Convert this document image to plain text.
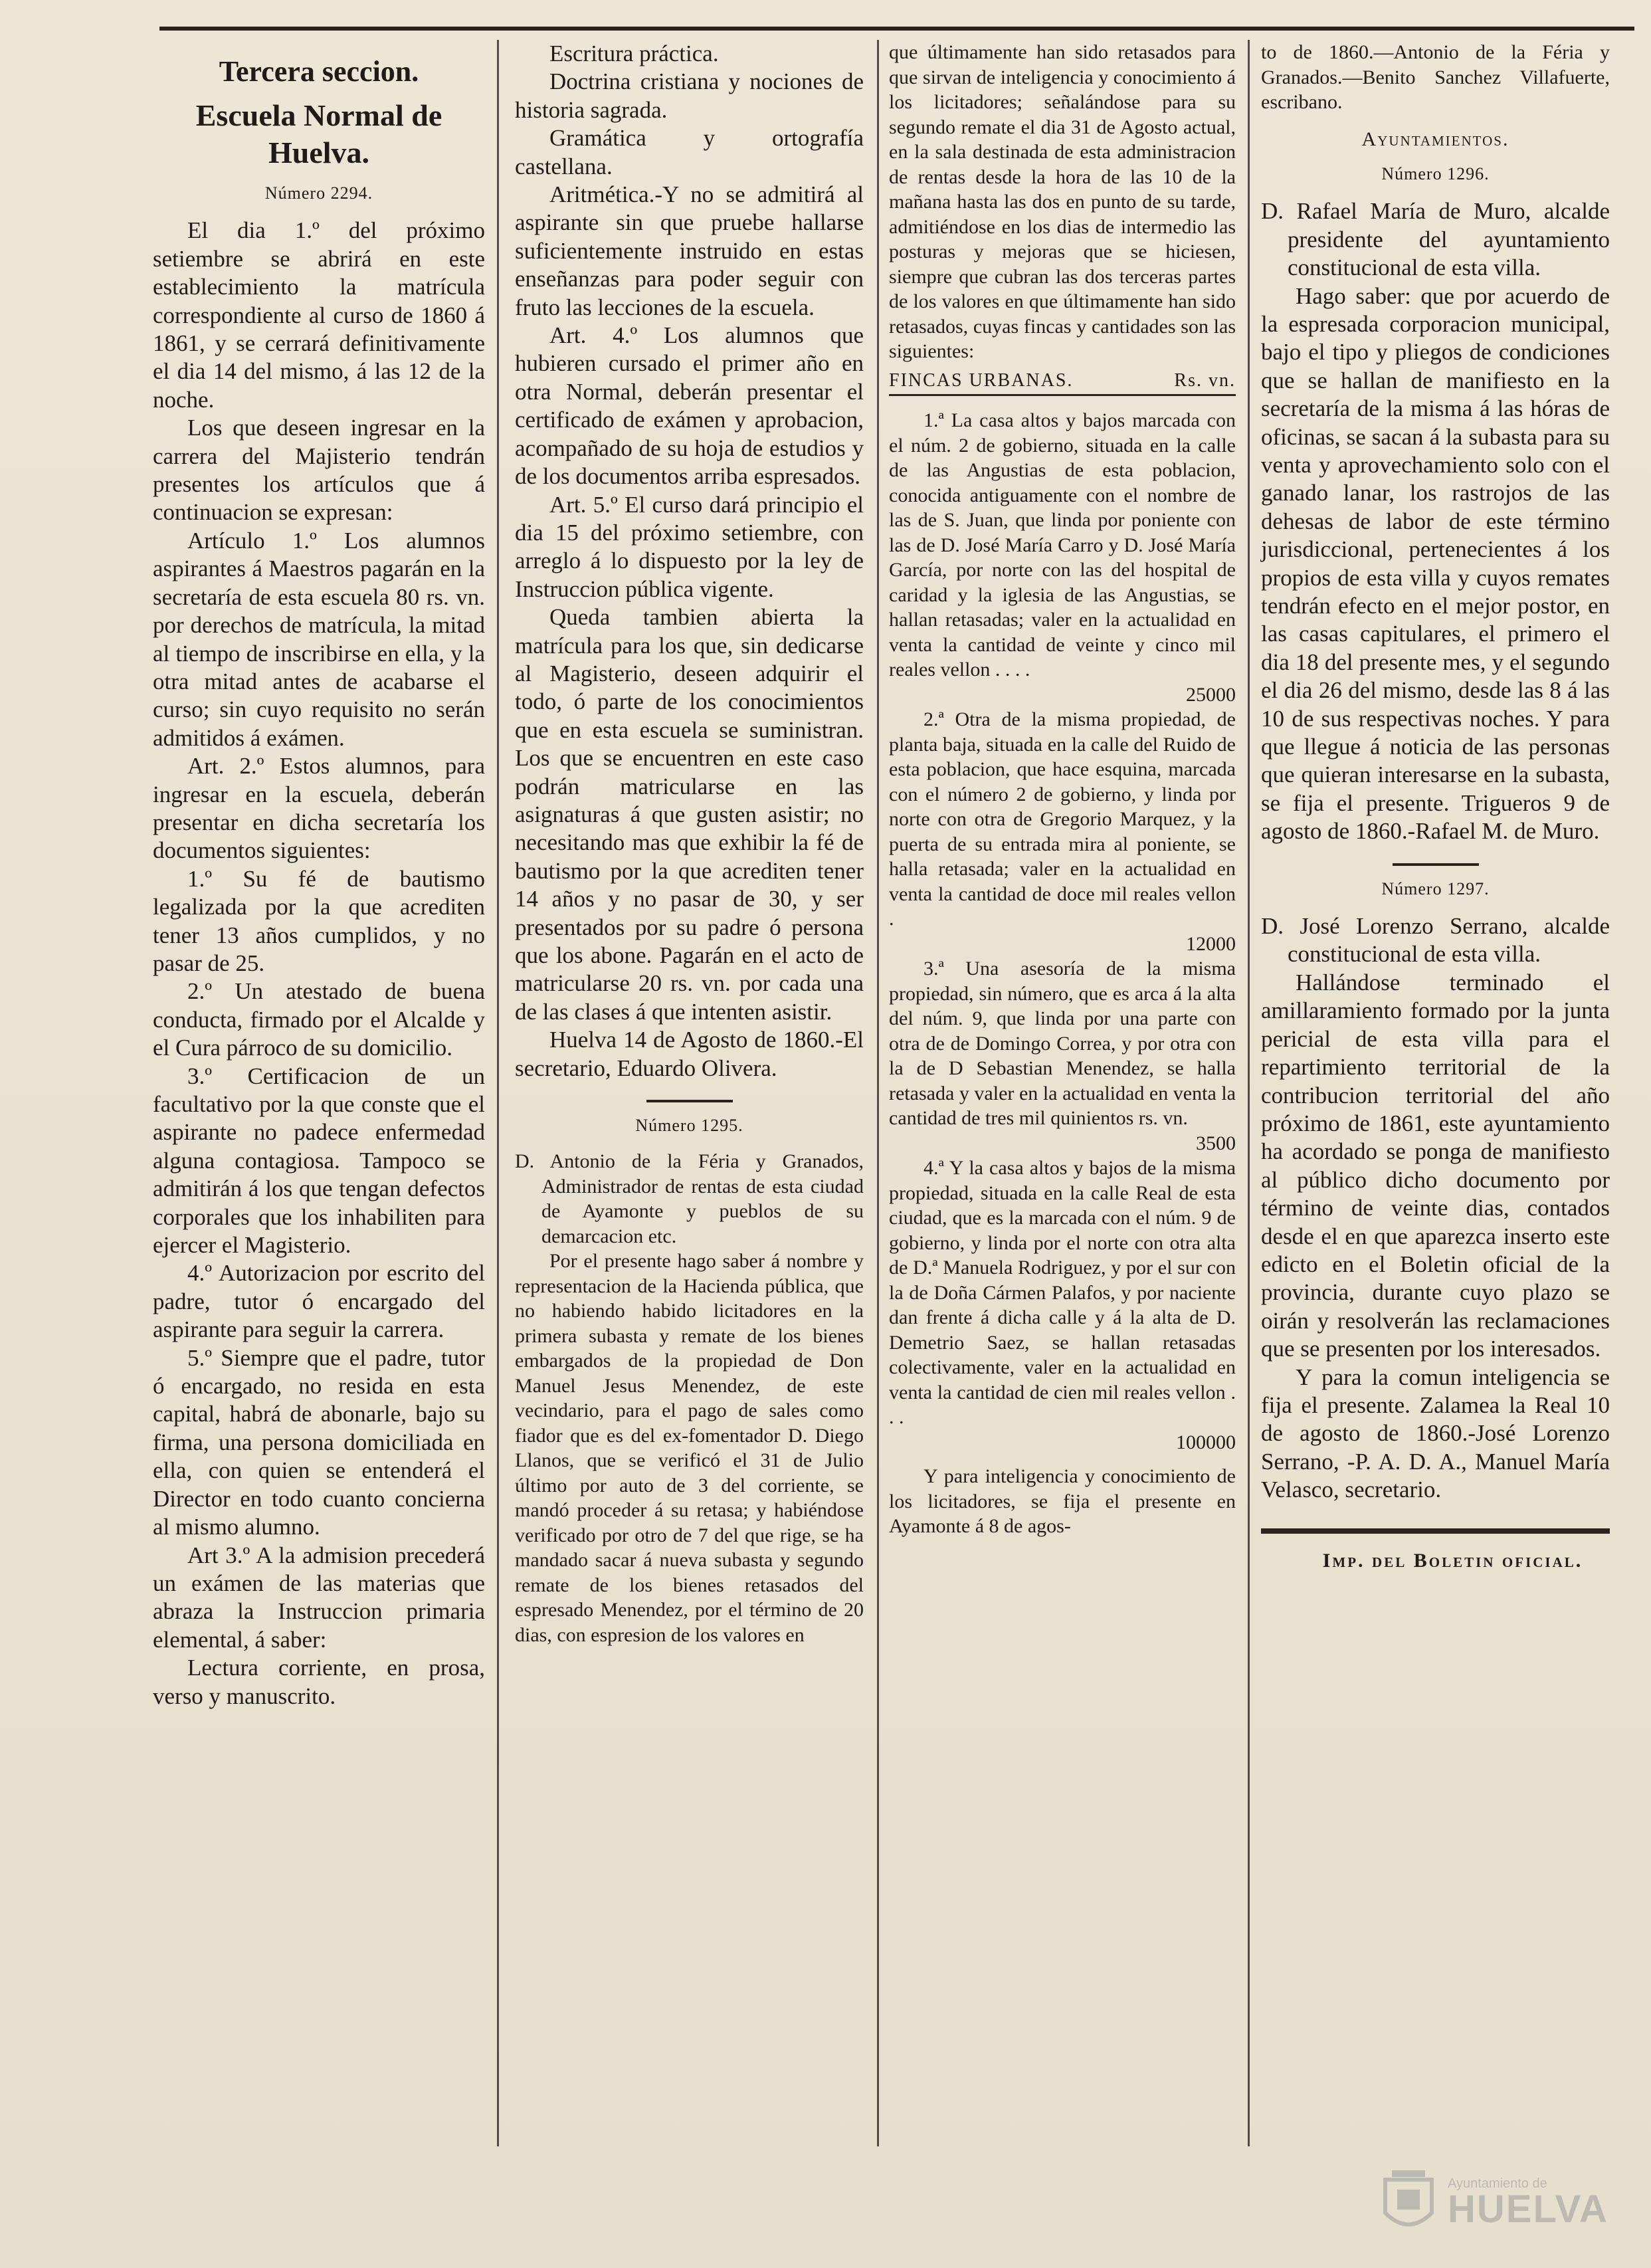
Tercera seccion.
Escuela Normal de Huelva.
Número 2294.

El dia 1.º del próximo setiembre se abrirá en este establecimiento la matrícula correspondiente al curso de 1860 á 1861, y se cerrará definitivamente el dia 14 del mismo, á las 12 de la noche.

Los que deseen ingresar en la carrera del Majisterio tendrán presentes los artículos que á continuacion se expresan:

Artículo 1.º Los alumnos aspirantes á Maestros pagarán en la secretaría de esta escuela 80 rs. vn. por derechos de matrícula, la mitad al tiempo de inscribirse en ella, y la otra mitad antes de acabarse el curso; sin cuyo requisito no serán admitidos á exámen.

Art. 2.º Estos alumnos, para ingresar en la escuela, deberán presentar en dicha secretaría los documentos siguientes:

1.º Su fé de bautismo legalizada por la que acrediten tener 13 años cumplidos, y no pasar de 25.

2.º Un atestado de buena conducta, firmado por el Alcalde y el Cura párroco de su domicilio.

3.º Certificacion de un facultativo por la que conste que el aspirante no padece enfermedad alguna contagiosa. Tampoco se admitirán á los que tengan defectos corporales que los inhabiliten para ejercer el Magisterio.

4.º Autorizacion por escrito del padre, tutor ó encargado del aspirante para seguir la carrera.

5.º Siempre que el padre, tutor ó encargado, no resida en esta capital, habrá de abonarle, bajo su firma, una persona domiciliada en ella, con quien se entenderá el Director en todo cuanto concierna al mismo alumno.

Art 3.º A la admision precederá un exámen de las materias que abraza la Instruccion primaria elemental, á saber:

Lectura corriente, en prosa, verso y manuscrito.

Escritura práctica.

Doctrina cristiana y nociones de historia sagrada.

Gramática y ortografía castellana.

Aritmética.-Y no se admitirá al aspirante sin que pruebe hallarse suficientemente instruido en estas enseñanzas para poder seguir con fruto las lecciones de la escuela.

Art. 4.º Los alumnos que hubieren cursado el primer año en otra Normal, deberán presentar el certificado de exámen y aprobacion, acompañado de su hoja de estudios y de los documentos arriba espresados.

Art. 5.º El curso dará principio el dia 15 del próximo setiembre, con arreglo á lo dispuesto por la ley de Instruccion pública vigente.

Queda tambien abierta la matrícula para los que, sin dedicarse al Magisterio, deseen adquirir el todo, ó parte de los conocimientos que en esta escuela se suministran. Los que se encuentren en este caso podrán matricularse en las asignaturas á que gusten asistir; no necesitando mas que exhibir la fé de bautismo por la que acrediten tener 14 años y no pasar de 30, y ser presentados por su padre ó persona que los abone. Pagarán en el acto de matricularse 20 rs. vn. por cada una de las clases á que intenten asistir.

Huelva 14 de Agosto de 1860.-El secretario, Eduardo Olivera.

Número 1295.

D. Antonio de la Féria y Granados, Administrador de rentas de esta ciudad de Ayamonte y pueblos de su demarcacion etc.

Por el presente hago saber á nombre y representacion de la Hacienda pública, que no habiendo habido licitadores en la primera subasta y remate de los bienes embargados de la propiedad de Don Manuel Jesus Menendez, de este vecindario, para el pago de sales como fiador que es del ex-fomentador D. Diego Llanos, que se verificó el 31 de Julio último por auto de 3 del corriente, se mandó proceder á su retasa; y habiéndose verificado por otro de 7 del que rige, se ha mandado sacar á nueva subasta y segundo remate de los bienes retasados del espresado Menendez, por el término de 20 dias, con espresion de los valores en

que últimamente han sido retasados para que sirvan de inteligencia y conocimiento á los licitadores; señalándose para su segundo remate el dia 31 de Agosto actual, en la sala destinada de esta administracion de rentas desde la hora de las 10 de la mañana hasta las dos en punto de su tarde, admitiéndose en los dias de intermedio las posturas y mejoras que se hiciesen, siempre que cubran las dos terceras partes de los valores en que últimamente han sido retasados, cuyas fincas y cantidades son las siguientes:

FINCAS URBANAS.	Rs. vn.

1.ª La casa altos y bajos marcada con el núm. 2 de gobierno, situada en la calle de las Angustias de esta poblacion, conocida antiguamente con el nombre de las de S. Juan, que linda por poniente con las de D. José María Carro y D. José María García, por norte con las del hospital de caridad y la iglesia de las Angustias, se hallan retasadas; valer en la actualidad en venta la cantidad de veinte y cinco mil reales vellon . . . .

25000

2.ª Otra de la misma propiedad, de planta baja, situada en la calle del Ruido de esta poblacion, que hace esquina, marcada con el número 2 de gobierno, y linda por norte con otra de Gregorio Marquez, y la puerta de su entrada mira al poniente, se halla retasada; valer en la actualidad en venta la cantidad de doce mil reales vellon .

12000

3.ª Una asesoría de la misma propiedad, sin número, que es arca á la alta del núm. 9, que linda por una parte con otra de de Domingo Correa, y por otra con la de D Sebastian Menendez, se halla retasada y valer en la actualidad en venta la cantidad de tres mil quinientos rs. vn.

3500

4.ª Y la casa altos y bajos de la misma propiedad, situada en la calle Real de esta ciudad, que es la marcada con el núm. 9 de gobierno, y linda por el norte con otra alta de D.ª Manuela Rodriguez, y por el sur con la de Doña Cármen Palafos, y por naciente dan frente á dicha calle y á la alta de D. Demetrio Saez, se hallan retasadas colectivamente, valer en la actualidad en venta la cantidad de cien mil reales vellon . . .

100000

Y para inteligencia y conocimiento de los licitadores, se fija el presente en Ayamonte á 8 de agos-

to de 1860.—Antonio de la Féria y Granados.—Benito Sanchez Villafuerte, escribano.

Ayuntamientos.
Número 1296.

D. Rafael María de Muro, alcalde presidente del ayuntamiento constitucional de esta villa.

Hago saber: que por acuerdo de la espresada corporacion municipal, bajo el tipo y pliegos de condiciones que se hallan de manifiesto en la secretaría de la misma á las hóras de oficinas, se sacan á la subasta para su venta y aprovechamiento solo con el ganado lanar, los rastrojos de las dehesas de labor de este término jurisdiccional, pertenecientes á los propios de esta villa y cuyos remates tendrán efecto en el mejor postor, en las casas capitulares, el primero el dia 18 del presente mes, y el segundo el dia 26 del mismo, desde las 8 á las 10 de sus respectivas noches. Y para que llegue á noticia de las personas que quieran interesarse en la subasta, se fija el presente. Trigueros 9 de agosto de 1860.-Rafael M. de Muro.

Número 1297.

D. José Lorenzo Serrano, alcalde constitucional de esta villa.

Hallándose terminado el amillaramiento formado por la junta pericial de esta villa para el repartimiento territorial de la contribucion territorial del año próximo de 1861, este ayuntamiento ha acordado se ponga de manifiesto al público dicho documento por término de veinte dias, contados desde el en que aparezca inserto este edicto en el Boletin oficial de la provincia, durante cuyo plazo se oirán y resolverán las reclamaciones que se presenten por los interesados.

Y para la comun inteligencia se fija el presente. Zalamea la Real 10 de agosto de 1860.-José Lorenzo Serrano, -P. A. D. A., Manuel María Velasco, secretario.

Imp. del Boletin oficial.

Ayuntamiento de
HUELVA
